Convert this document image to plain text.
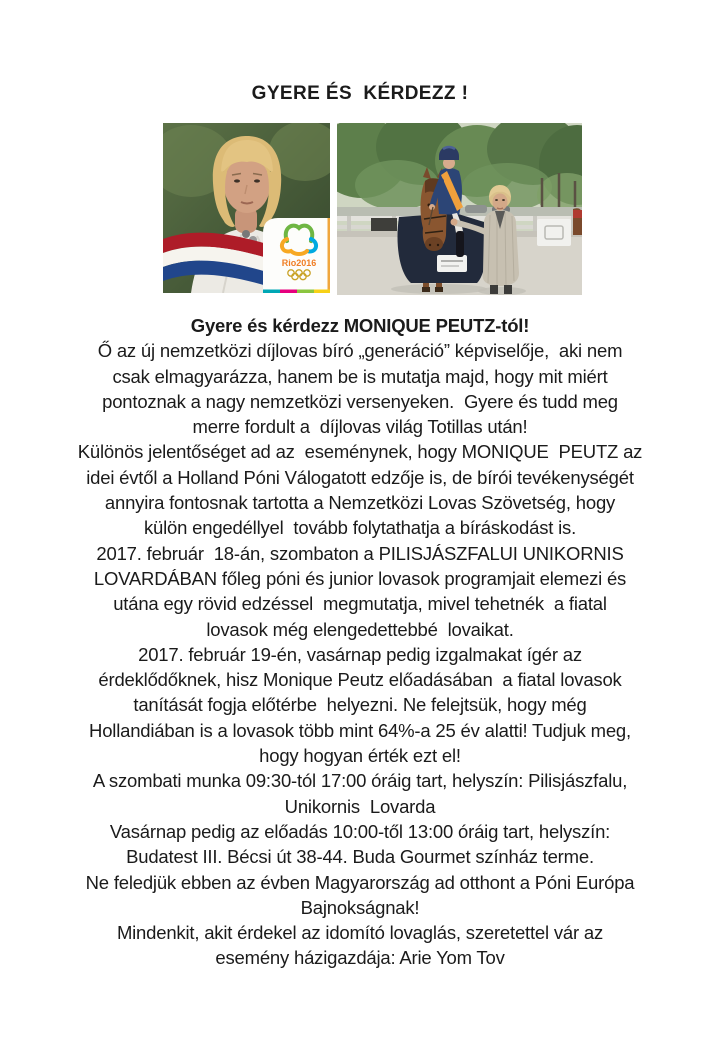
GYERE ÉS  KÉRDEZZ !
Rio2016
Gyere és kérdezz MONIQUE PEUTZ-tól!
Ő az új nemzetközi díjlovas bíró „generáció” képviselője,  aki nem
csak elmagyarázza, hanem be is mutatja majd, hogy mit miért
pontoznak a nagy nemzetközi versenyeken.  Gyere és tudd meg
merre fordult a  díjlovas világ Totillas után!
Különös jelentőséget ad az  eseménynek, hogy MONIQUE  PEUTZ az
idei évtől a Holland Póni Válogatott edzője is, de bírói tevékenységét
annyira fontosnak tartotta a Nemzetközi Lovas Szövetség, hogy
külön engedéllyel  tovább folytathatja a bíráskodást is.
2017. február  18-án, szombaton a PILISJÁSZFALUI UNIKORNIS
LOVARDÁBAN főleg póni és junior lovasok programjait elemezi és
utána egy rövid edzéssel  megmutatja, mivel tehetnék  a fiatal
lovasok még elengedettebbé  lovaikat.
2017. február 19-én, vasárnap pedig izgalmakat ígér az
érdeklődőknek, hisz Monique Peutz előadásában  a fiatal lovasok
tanítását fogja előtérbe  helyezni. Ne felejtsük, hogy még
Hollandiában is a lovasok több mint 64%-a 25 év alatti! Tudjuk meg,
hogy hogyan érték ezt el!
A szombati munka 09:30-tól 17:00 óráig tart, helyszín: Pilisjászfalu,
Unikornis  Lovarda
Vasárnap pedig az előadás 10:00-től 13:00 óráig tart, helyszín:
Budatest III. Bécsi út 38-44. Buda Gourmet színház terme.
Ne feledjük ebben az évben Magyarország ad otthont a Póni Európa
Bajnokságnak!
Mindenkit, akit érdekel az idomító lovaglás, szeretettel vár az
esemény házigazdája: Arie Yom Tov
